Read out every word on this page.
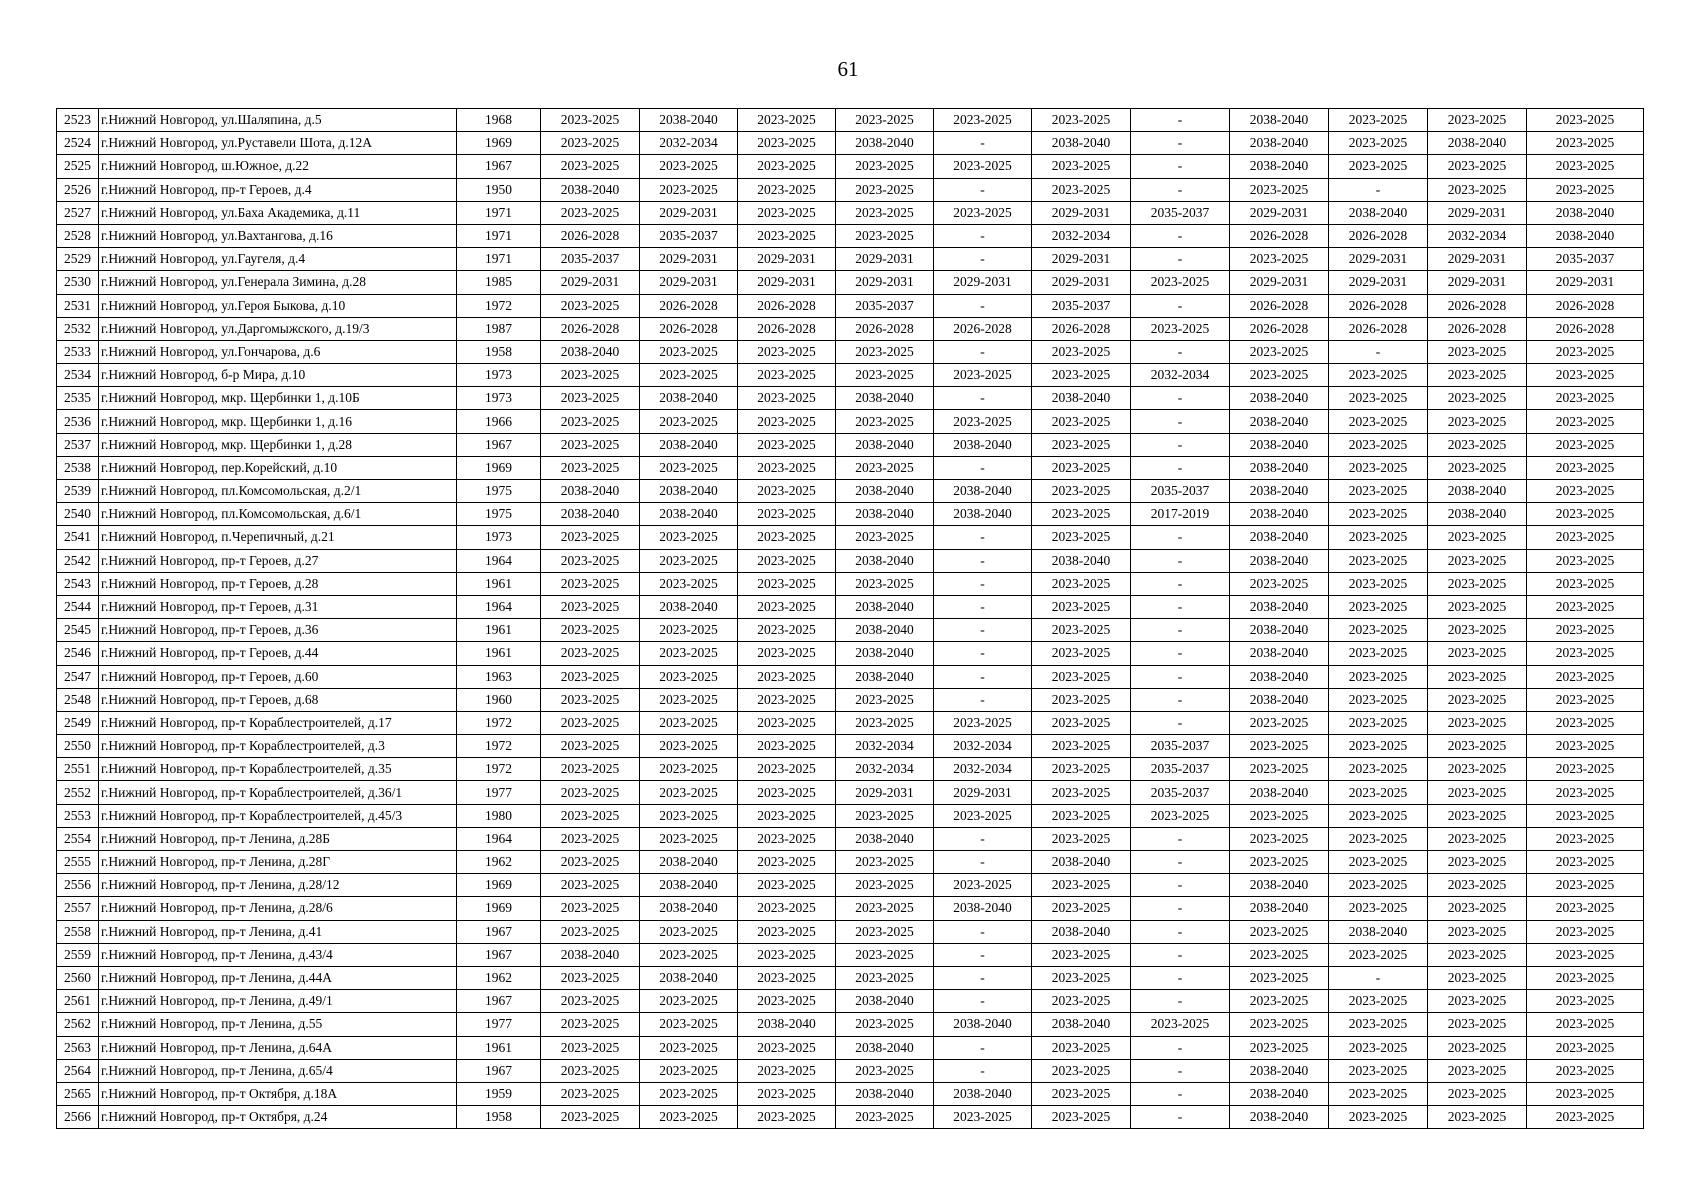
61
2523	г.Нижний Новгород, ул.Шаляпина, д.5	1968	2023-2025	2038-2040	2023-2025	2023-2025	2023-2025	2023-2025	-	2038-2040	2023-2025	2023-2025	2023-2025
2524	г.Нижний Новгород, ул.Руставели Шота, д.12А	1969	2023-2025	2032-2034	2023-2025	2038-2040	-	2038-2040	-	2038-2040	2023-2025	2038-2040	2023-2025
2525	г.Нижний Новгород, ш.Южное, д.22	1967	2023-2025	2023-2025	2023-2025	2023-2025	2023-2025	2023-2025	-	2038-2040	2023-2025	2023-2025	2023-2025
2526	г.Нижний Новгород, пр-т Героев, д.4	1950	2038-2040	2023-2025	2023-2025	2023-2025	-	2023-2025	-	2023-2025	-	2023-2025	2023-2025
2527	г.Нижний Новгород, ул.Баха Академика, д.11	1971	2023-2025	2029-2031	2023-2025	2023-2025	2023-2025	2029-2031	2035-2037	2029-2031	2038-2040	2029-2031	2038-2040
2528	г.Нижний Новгород, ул.Вахтангова, д.16	1971	2026-2028	2035-2037	2023-2025	2023-2025	-	2032-2034	-	2026-2028	2026-2028	2032-2034	2038-2040
2529	г.Нижний Новгород, ул.Гаугеля, д.4	1971	2035-2037	2029-2031	2029-2031	2029-2031	-	2029-2031	-	2023-2025	2029-2031	2029-2031	2035-2037
2530	г.Нижний Новгород, ул.Генерала Зимина, д.28	1985	2029-2031	2029-2031	2029-2031	2029-2031	2029-2031	2029-2031	2023-2025	2029-2031	2029-2031	2029-2031	2029-2031
2531	г.Нижний Новгород, ул.Героя Быкова, д.10	1972	2023-2025	2026-2028	2026-2028	2035-2037	-	2035-2037	-	2026-2028	2026-2028	2026-2028	2026-2028
2532	г.Нижний Новгород, ул.Даргомыжского, д.19/3	1987	2026-2028	2026-2028	2026-2028	2026-2028	2026-2028	2026-2028	2023-2025	2026-2028	2026-2028	2026-2028	2026-2028
2533	г.Нижний Новгород, ул.Гончарова, д.6	1958	2038-2040	2023-2025	2023-2025	2023-2025	-	2023-2025	-	2023-2025	-	2023-2025	2023-2025
2534	г.Нижний Новгород, б-р Мира, д.10	1973	2023-2025	2023-2025	2023-2025	2023-2025	2023-2025	2023-2025	2032-2034	2023-2025	2023-2025	2023-2025	2023-2025
2535	г.Нижний Новгород, мкр. Щербинки 1, д.10Б	1973	2023-2025	2038-2040	2023-2025	2038-2040	-	2038-2040	-	2038-2040	2023-2025	2023-2025	2023-2025
2536	г.Нижний Новгород, мкр. Щербинки 1, д.16	1966	2023-2025	2023-2025	2023-2025	2023-2025	2023-2025	2023-2025	-	2038-2040	2023-2025	2023-2025	2023-2025
2537	г.Нижний Новгород, мкр. Щербинки 1, д.28	1967	2023-2025	2038-2040	2023-2025	2038-2040	2038-2040	2023-2025	-	2038-2040	2023-2025	2023-2025	2023-2025
2538	г.Нижний Новгород, пер.Корейский, д.10	1969	2023-2025	2023-2025	2023-2025	2023-2025	-	2023-2025	-	2038-2040	2023-2025	2023-2025	2023-2025
2539	г.Нижний Новгород, пл.Комсомольская, д.2/1	1975	2038-2040	2038-2040	2023-2025	2038-2040	2038-2040	2023-2025	2035-2037	2038-2040	2023-2025	2038-2040	2023-2025
2540	г.Нижний Новгород, пл.Комсомольская, д.6/1	1975	2038-2040	2038-2040	2023-2025	2038-2040	2038-2040	2023-2025	2017-2019	2038-2040	2023-2025	2038-2040	2023-2025
2541	г.Нижний Новгород, п.Черепичный, д.21	1973	2023-2025	2023-2025	2023-2025	2023-2025	-	2023-2025	-	2038-2040	2023-2025	2023-2025	2023-2025
2542	г.Нижний Новгород, пр-т Героев, д.27	1964	2023-2025	2023-2025	2023-2025	2038-2040	-	2038-2040	-	2038-2040	2023-2025	2023-2025	2023-2025
2543	г.Нижний Новгород, пр-т Героев, д.28	1961	2023-2025	2023-2025	2023-2025	2023-2025	-	2023-2025	-	2023-2025	2023-2025	2023-2025	2023-2025
2544	г.Нижний Новгород, пр-т Героев, д.31	1964	2023-2025	2038-2040	2023-2025	2038-2040	-	2023-2025	-	2038-2040	2023-2025	2023-2025	2023-2025
2545	г.Нижний Новгород, пр-т Героев, д.36	1961	2023-2025	2023-2025	2023-2025	2038-2040	-	2023-2025	-	2038-2040	2023-2025	2023-2025	2023-2025
2546	г.Нижний Новгород, пр-т Героев, д.44	1961	2023-2025	2023-2025	2023-2025	2038-2040	-	2023-2025	-	2038-2040	2023-2025	2023-2025	2023-2025
2547	г.Нижний Новгород, пр-т Героев, д.60	1963	2023-2025	2023-2025	2023-2025	2038-2040	-	2023-2025	-	2038-2040	2023-2025	2023-2025	2023-2025
2548	г.Нижний Новгород, пр-т Героев, д.68	1960	2023-2025	2023-2025	2023-2025	2023-2025	-	2023-2025	-	2038-2040	2023-2025	2023-2025	2023-2025
2549	г.Нижний Новгород, пр-т Кораблестроителей, д.17	1972	2023-2025	2023-2025	2023-2025	2023-2025	2023-2025	2023-2025	-	2023-2025	2023-2025	2023-2025	2023-2025
2550	г.Нижний Новгород, пр-т Кораблестроителей, д.3	1972	2023-2025	2023-2025	2023-2025	2032-2034	2032-2034	2023-2025	2035-2037	2023-2025	2023-2025	2023-2025	2023-2025
2551	г.Нижний Новгород, пр-т Кораблестроителей, д.35	1972	2023-2025	2023-2025	2023-2025	2032-2034	2032-2034	2023-2025	2035-2037	2023-2025	2023-2025	2023-2025	2023-2025
2552	г.Нижний Новгород, пр-т Кораблестроителей, д.36/1	1977	2023-2025	2023-2025	2023-2025	2029-2031	2029-2031	2023-2025	2035-2037	2038-2040	2023-2025	2023-2025	2023-2025
2553	г.Нижний Новгород, пр-т Кораблестроителей, д.45/3	1980	2023-2025	2023-2025	2023-2025	2023-2025	2023-2025	2023-2025	2023-2025	2023-2025	2023-2025	2023-2025	2023-2025
2554	г.Нижний Новгород, пр-т Ленина, д.28Б	1964	2023-2025	2023-2025	2023-2025	2038-2040	-	2023-2025	-	2023-2025	2023-2025	2023-2025	2023-2025
2555	г.Нижний Новгород, пр-т Ленина, д.28Г	1962	2023-2025	2038-2040	2023-2025	2023-2025	-	2038-2040	-	2023-2025	2023-2025	2023-2025	2023-2025
2556	г.Нижний Новгород, пр-т Ленина, д.28/12	1969	2023-2025	2038-2040	2023-2025	2023-2025	2023-2025	2023-2025	-	2038-2040	2023-2025	2023-2025	2023-2025
2557	г.Нижний Новгород, пр-т Ленина, д.28/6	1969	2023-2025	2038-2040	2023-2025	2023-2025	2038-2040	2023-2025	-	2038-2040	2023-2025	2023-2025	2023-2025
2558	г.Нижний Новгород, пр-т Ленина, д.41	1967	2023-2025	2023-2025	2023-2025	2023-2025	-	2038-2040	-	2023-2025	2038-2040	2023-2025	2023-2025
2559	г.Нижний Новгород, пр-т Ленина, д.43/4	1967	2038-2040	2023-2025	2023-2025	2023-2025	-	2023-2025	-	2023-2025	2023-2025	2023-2025	2023-2025
2560	г.Нижний Новгород, пр-т Ленина, д.44А	1962	2023-2025	2038-2040	2023-2025	2023-2025	-	2023-2025	-	2023-2025	-	2023-2025	2023-2025
2561	г.Нижний Новгород, пр-т Ленина, д.49/1	1967	2023-2025	2023-2025	2023-2025	2038-2040	-	2023-2025	-	2023-2025	2023-2025	2023-2025	2023-2025
2562	г.Нижний Новгород, пр-т Ленина, д.55	1977	2023-2025	2023-2025	2038-2040	2023-2025	2038-2040	2038-2040	2023-2025	2023-2025	2023-2025	2023-2025	2023-2025
2563	г.Нижний Новгород, пр-т Ленина, д.64А	1961	2023-2025	2023-2025	2023-2025	2038-2040	-	2023-2025	-	2023-2025	2023-2025	2023-2025	2023-2025
2564	г.Нижний Новгород, пр-т Ленина, д.65/4	1967	2023-2025	2023-2025	2023-2025	2023-2025	-	2023-2025	-	2038-2040	2023-2025	2023-2025	2023-2025
2565	г.Нижний Новгород, пр-т Октября, д.18А	1959	2023-2025	2023-2025	2023-2025	2038-2040	2038-2040	2023-2025	-	2038-2040	2023-2025	2023-2025	2023-2025
2566	г.Нижний Новгород, пр-т Октября, д.24	1958	2023-2025	2023-2025	2023-2025	2023-2025	2023-2025	2023-2025	-	2038-2040	2023-2025	2023-2025	2023-2025
